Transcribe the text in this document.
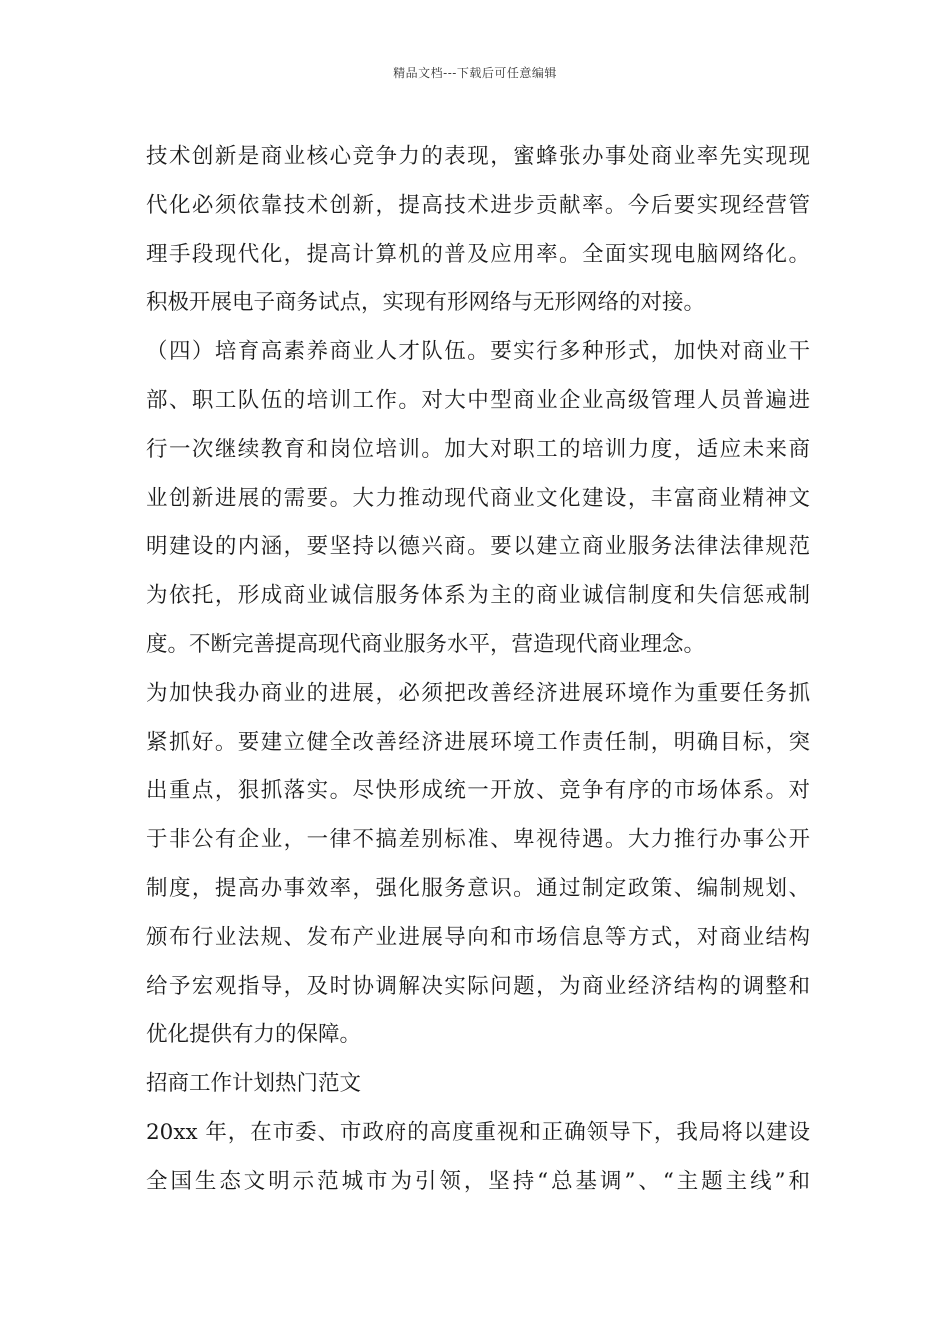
精品文档---下载后可任意编辑
技术创新是商业核心竞争力的表现，蜜蜂张办事处商业率先实现现
代化必须依靠技术创新，提高技术进步贡献率。今后要实现经营管
理手段现代化，提高计算机的普及应用率。全面实现电脑网络化。
积极开展电子商务试点，实现有形网络与无形网络的对接。
（四）培育高素养商业人才队伍。要实行多种形式，加快对商业干
部、职工队伍的培训工作。对大中型商业企业高级管理人员普遍进
行一次继续教育和岗位培训。加大对职工的培训力度，适应未来商
业创新进展的需要。大力推动现代商业文化建设，丰富商业精神文
明建设的内涵，要坚持以德兴商。要以建立商业服务法律法律规范
为依托，形成商业诚信服务体系为主的商业诚信制度和失信惩戒制
度。不断完善提高现代商业服务水平，营造现代商业理念。
为加快我办商业的进展，必须把改善经济进展环境作为重要任务抓
紧抓好。要建立健全改善经济进展环境工作责任制，明确目标，突
出重点，狠抓落实。尽快形成统一开放、竞争有序的市场体系。对
于非公有企业，一律不搞差别标准、卑视待遇。大力推行办事公开
制度，提高办事效率，强化服务意识。通过制定政策、编制规划、
颁布行业法规、发布产业进展导向和市场信息等方式，对商业结构
给予宏观指导，及时协调解决实际问题，为商业经济结构的调整和
优化提供有力的保障。
招商工作计划热门范文
20xx 年，在市委、市政府的高度重视和正确领导下，我局将以建设
全国生态文明示范城市为引领，坚持“总基调”、“主题主线”和
